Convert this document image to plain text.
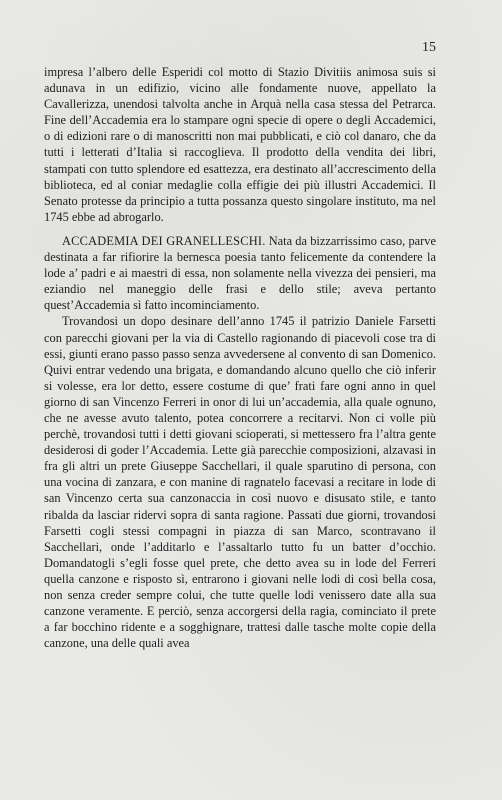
15

impresa l’albero delle Esperidi col motto di Stazio Divitiis animosa suis si adunava in un edifizio, vicino alle fondamente nuove, appellato la Cavallerizza, unendosi talvolta anche in Arquà nella casa stessa del Petrarca. Fine dell’Accademia era lo stampare ogni specie di opere o degli Accademici, o di edizioni rare o di manoscritti non mai pubblicati, e ciò col danaro, che da tutti i letterati d’Italia si raccoglieva. Il prodotto della vendita dei libri, stampati con tutto splendore ed esattezza, era destinato all’accrescimento della biblioteca, ed al coniar medaglie colla effigie dei più illustri Accademici. Il Senato protesse da principio a tutta possanza questo singolare instituto, ma nel 1745 ebbe ad abrogarlo.

ACCADEMIA DEI GRANELLESCHI. Nata da bizzarrissimo caso, parve destinata a far rifiorire la bernesca poesia tanto felicemente da contendere la lode a’ padri e ai maestri di essa, non solamente nella vivezza dei pensieri, ma eziandio nel maneggio delle frasi e dello stile; aveva pertanto quest’Accademia sì fatto incominciamento.

Trovandosi un dopo desinare dell’anno 1745 il patrizio Daniele Farsetti con parecchi giovani per la via di Castello ragionando di piacevoli cose tra di essi, giunti erano passo passo senza avvedersene al convento di san Domenico. Quivi entrar vedendo una brigata, e domandando alcuno quello che ciò inferir si volesse, era lor detto, essere costume di que’ frati fare ogni anno in quel giorno di san Vincenzo Ferreri in onor di lui un’accademia, alla quale ognuno, che ne avesse avuto talento, potea concorrere a recitarvi. Non ci volle più perchè, trovandosi tutti i detti giovani scioperati, si mettessero fra l’altra gente desiderosi di goder l’Accademia. Lette già parecchie composizioni, alzavasi in fra gli altri un prete Giuseppe Sacchellari, il quale sparutino di persona, con una vocina di zanzara, e con manine di ragnatelo facevasi a recitare in lode di san Vincenzo certa sua canzonaccia in così nuovo e disusato stile, e tanto ribalda da lasciar ridervi sopra di santa ragione. Passati due giorni, trovandosi Farsetti cogli stessi compagni in piazza di san Marco, scontravano il Sacchellari, onde l’additarlo e l’assaltarlo tutto fu un batter d’occhio. Domandatogli s’egli fosse quel prete, che detto avea su in lode del Ferreri quella canzone e risposto sì, entrarono i giovani nelle lodi di così bella cosa, non senza creder sempre colui, che tutte quelle lodi venissero date alla sua canzone veramente. E perciò, senza accorgersi della ragia, cominciato il prete a far bocchino ridente e a sogghignare, trattesi dalle tasche molte copie della canzone, una delle quali avea
